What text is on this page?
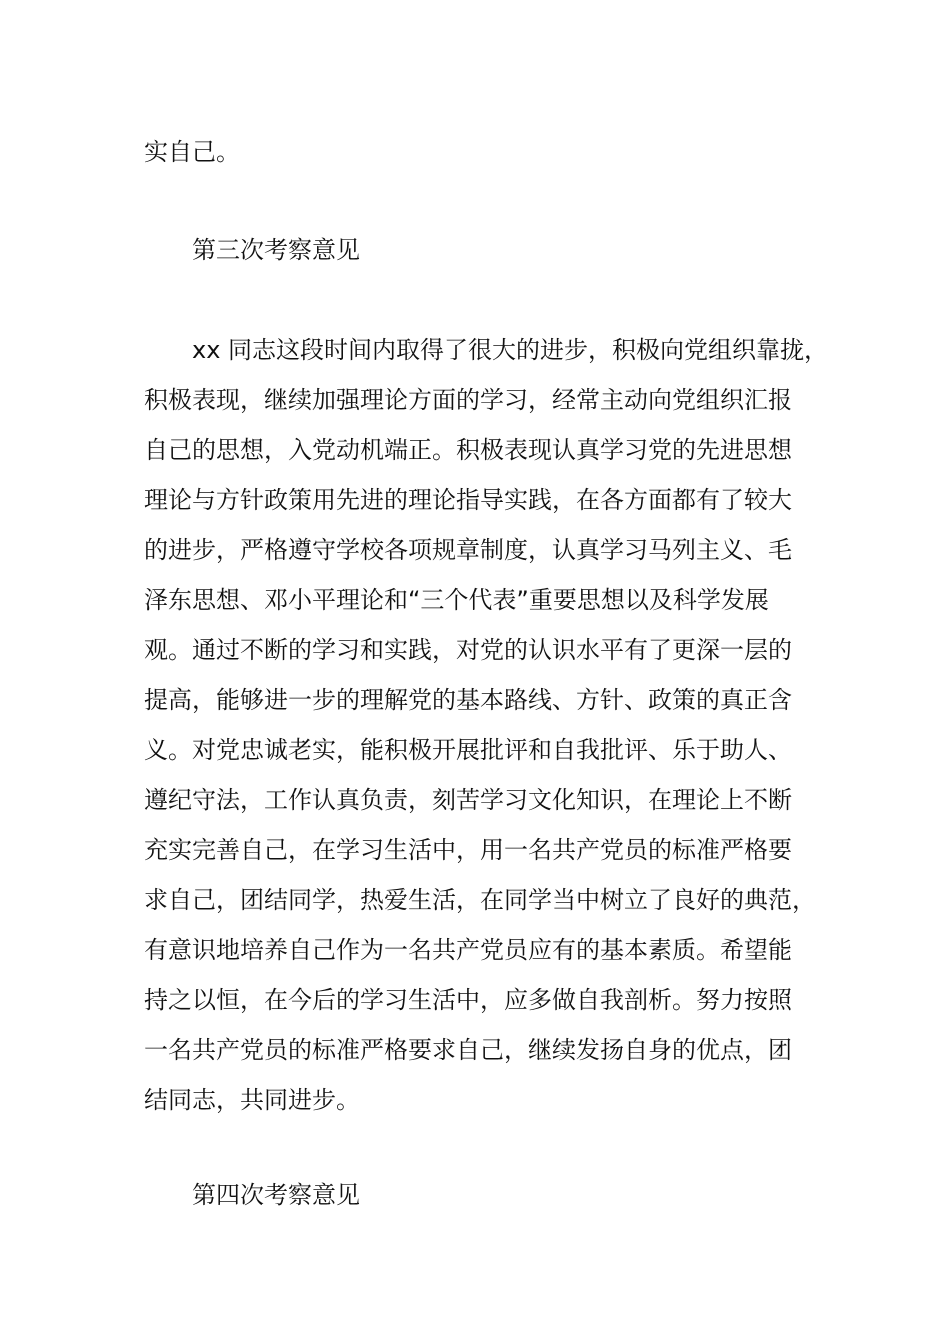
实自己。
第三次考察意见
xx 同志这段时间内取得了很大的进步，积极向党组织靠拢，
积极表现，继续加强理论方面的学习，经常主动向党组织汇报
自己的思想，入党动机端正。积极表现认真学习党的先进思想
理论与方针政策用先进的理论指导实践，在各方面都有了较大
的进步，严格遵守学校各项规章制度，认真学习马列主义、毛
泽东思想、邓小平理论和“三个代表”重要思想以及科学发展
观。通过不断的学习和实践，对党的认识水平有了更深一层的
提高，能够进一步的理解党的基本路线、方针、政策的真正含
义。对党忠诚老实，能积极开展批评和自我批评、乐于助人、
遵纪守法，工作认真负责，刻苦学习文化知识，在理论上不断
充实完善自己，在学习生活中，用一名共产党员的标准严格要
求自己，团结同学，热爱生活，在同学当中树立了良好的典范，
有意识地培养自己作为一名共产党员应有的基本素质。希望能
持之以恒，在今后的学习生活中，应多做自我剖析。努力按照
一名共产党员的标准严格要求自己，继续发扬自身的优点，团
结同志，共同进步。
第四次考察意见
